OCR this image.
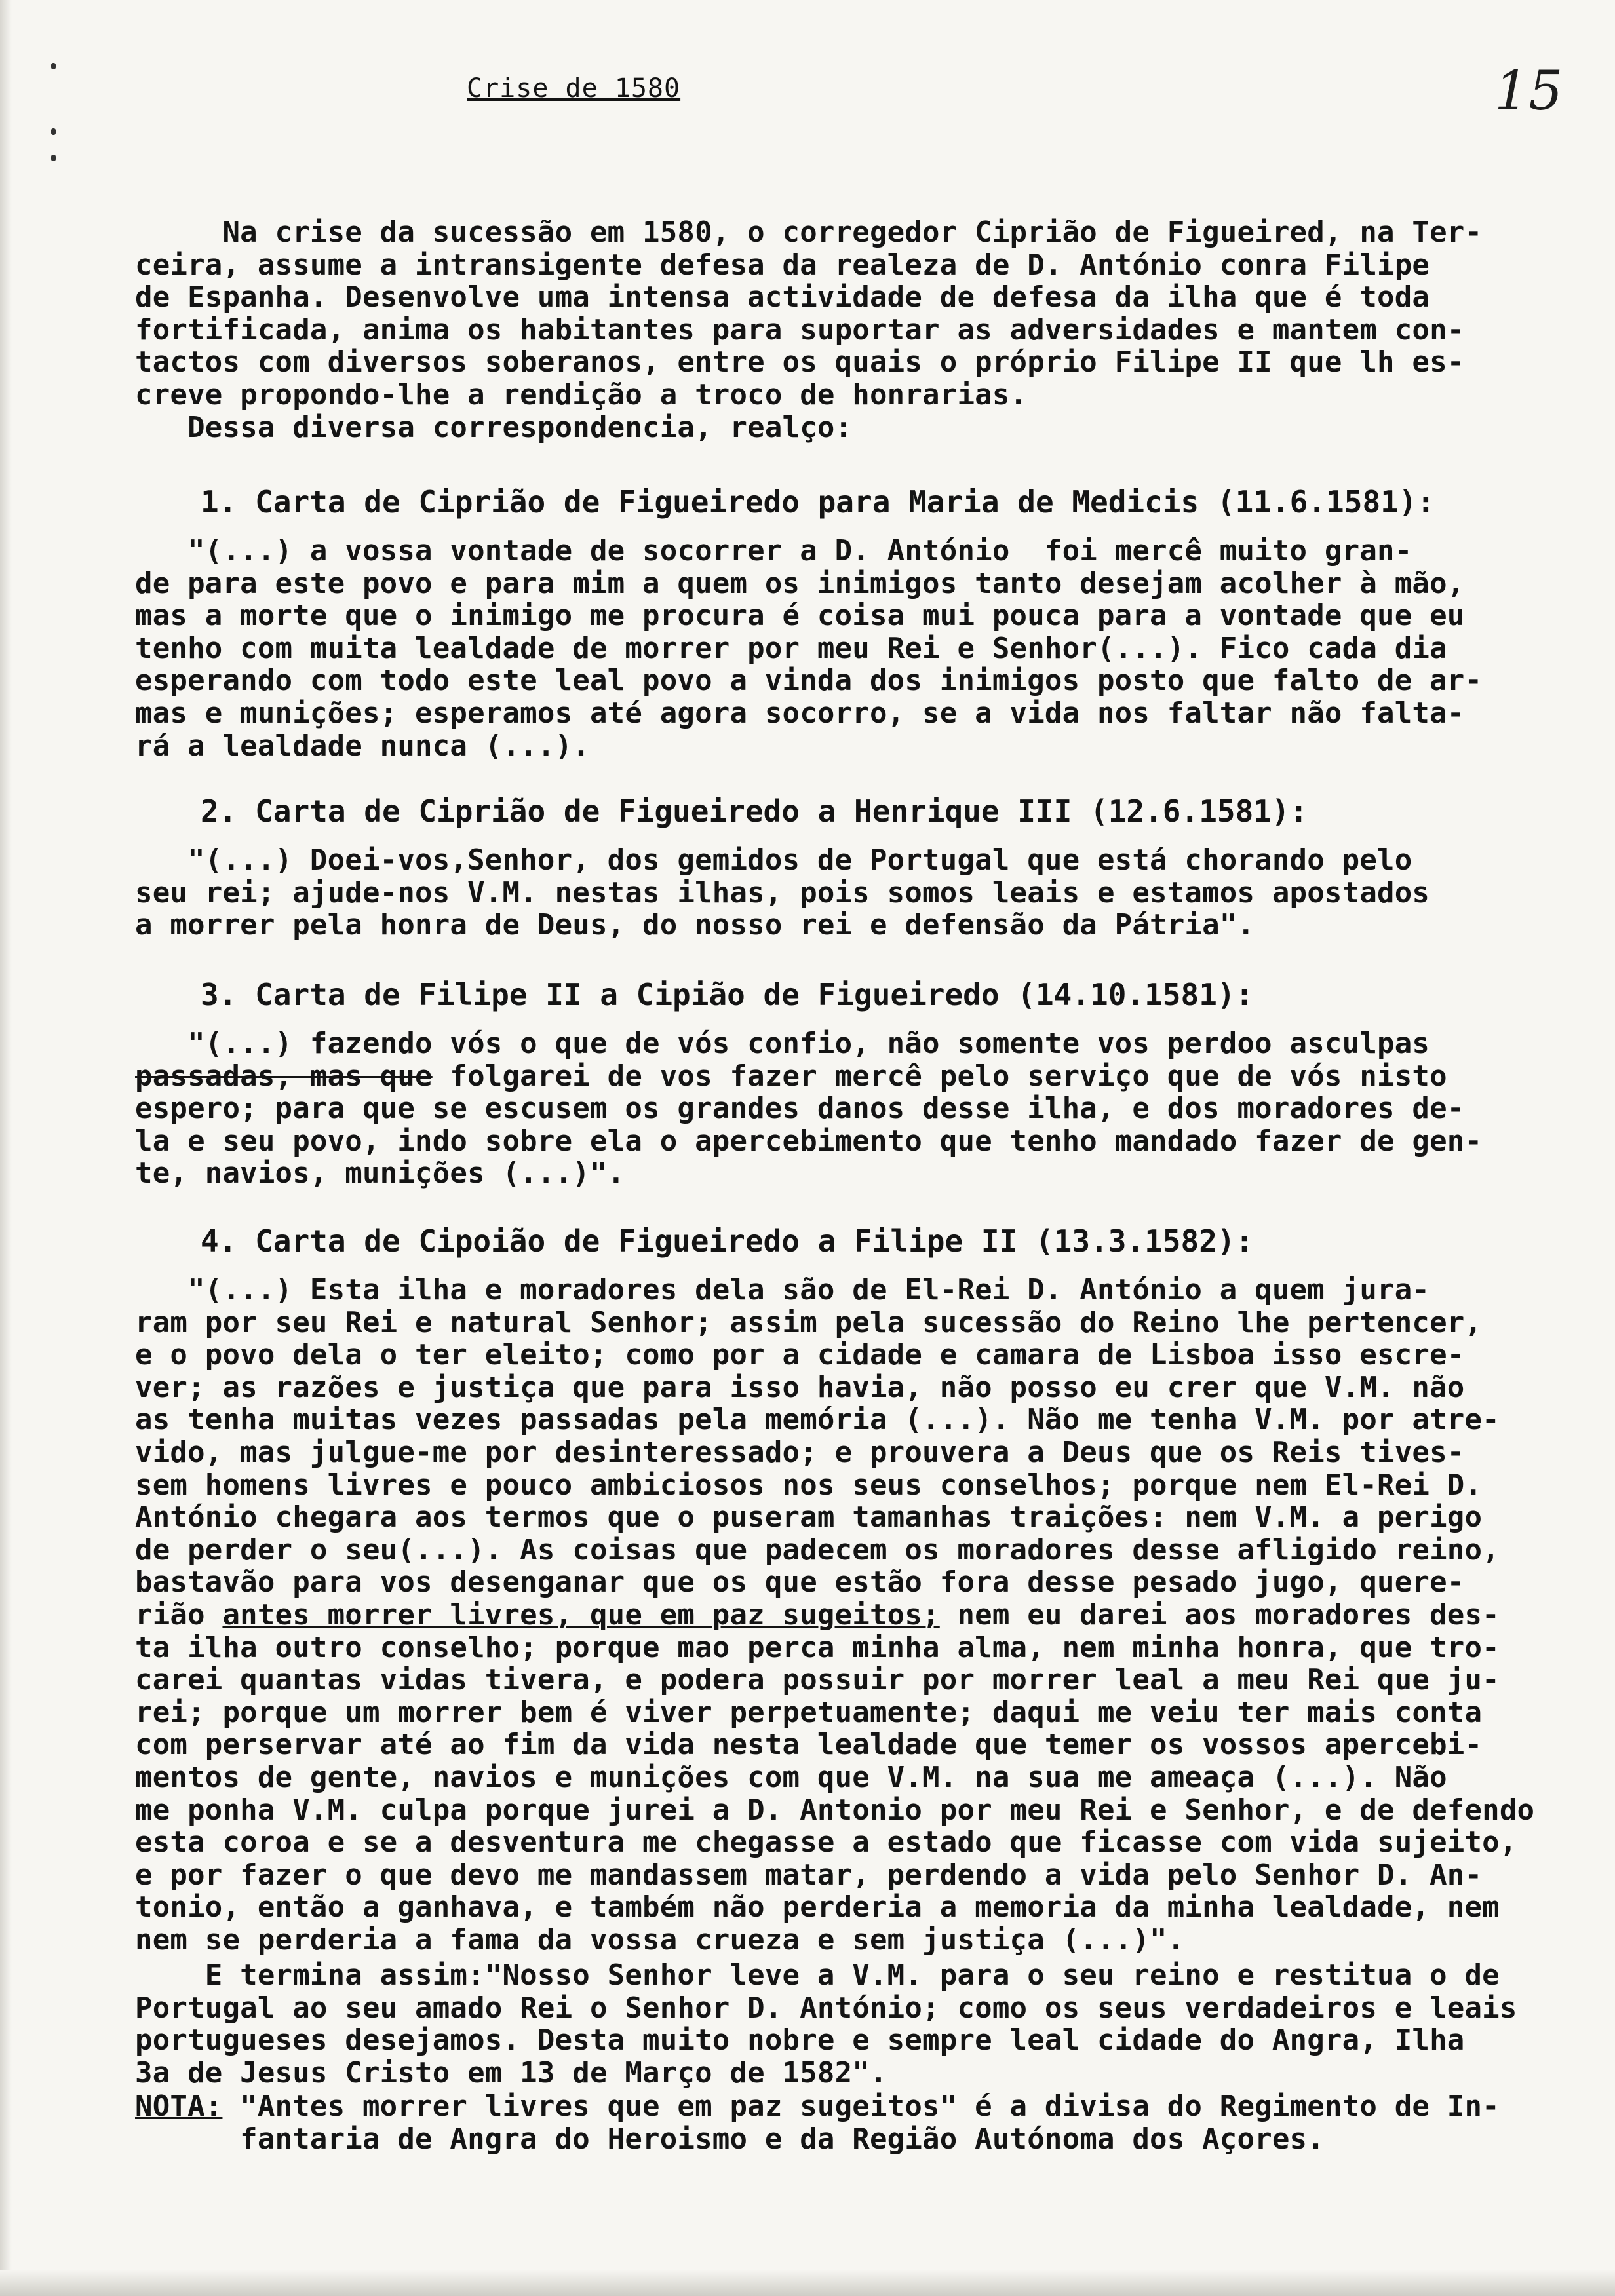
Crise de 1580	15
Na crise da sucessão em 1580, o corregedor Ciprião de Figueired, na Ter-
ceira, assume a intransigente defesa da realeza de D. António conra Filipe
de Espanha. Desenvolve uma intensa actividade de defesa da ilha que é toda
fortificada, anima os habitantes para suportar as adversidades e mantem con-
tactos com diversos soberanos, entre os quais o próprio Filipe II que lh es-
creve propondo-lhe a rendição a troco de honrarias.
Dessa diversa correspondencia, realço:
1. Carta de Ciprião de Figueiredo para Maria de Medicis (11.6.1581):
"(...) a vossa vontade de socorrer a D. António  foi mercê muito gran-
de para este povo e para mim a quem os inimigos tanto desejam acolher à mão,
mas a morte que o inimigo me procura é coisa mui pouca para a vontade que eu
tenho com muita lealdade de morrer por meu Rei e Senhor(...). Fico cada dia
esperando com todo este leal povo a vinda dos inimigos posto que falto de ar-
mas e munições; esperamos até agora socorro, se a vida nos faltar não falta-
rá a lealdade nunca (...).
2. Carta de Ciprião de Figueiredo a Henrique III (12.6.1581):
"(...) Doei-vos,Senhor, dos gemidos de Portugal que está chorando pelo
seu rei; ajude-nos V.M. nestas ilhas, pois somos leais e estamos apostados
a morrer pela honra de Deus, do nosso rei e defensão da Pátria".
3. Carta de Filipe II a Cipião de Figueiredo (14.10.1581):
"(...) fazendo vós o que de vós confio, não somente vos perdoo asculpas
passadas, mas que folgarei de vos fazer mercê pelo serviço que de vós nisto
espero; para que se escusem os grandes danos desse ilha, e dos moradores de-
la e seu povo, indo sobre ela o apercebimento que tenho mandado fazer de gen-
te, navios, munições (...)".
4. Carta de Cipoião de Figueiredo a Filipe II (13.3.1582):
"(...) Esta ilha e moradores dela são de El-Rei D. António a quem jura-
ram por seu Rei e natural Senhor; assim pela sucessão do Reino lhe pertencer,
e o povo dela o ter eleito; como por a cidade e camara de Lisboa isso escre-
ver; as razões e justiça que para isso havia, não posso eu crer que V.M. não
as tenha muitas vezes passadas pela memória (...). Não me tenha V.M. por atre-
vido, mas julgue-me por desinteressado; e prouvera a Deus que os Reis tives-
sem homens livres e pouco ambiciosos nos seus conselhos; porque nem El-Rei D.
António chegara aos termos que o puseram tamanhas traições: nem V.M. a perigo
de perder o seu(...). As coisas que padecem os moradores desse afligido reino,
bastavão para vos desenganar que os que estão fora desse pesado jugo, quere-
rião antes morrer livres, que em paz sugeitos; nem eu darei aos moradores des-
ta ilha outro conselho; porque mao perca minha alma, nem minha honra, que tro-
carei quantas vidas tivera, e podera possuir por morrer leal a meu Rei que ju-
rei; porque um morrer bem é viver perpetuamente; daqui me veiu ter mais conta
com perservar até ao fim da vida nesta lealdade que temer os vossos apercebi-
mentos de gente, navios e munições com que V.M. na sua me ameaça (...). Não
me ponha V.M. culpa porque jurei a D. Antonio por meu Rei e Senhor, e de defendo
esta coroa e se a desventura me chegasse a estado que ficasse com vida sujeito,
e por fazer o que devo me mandassem matar, perdendo a vida pelo Senhor D. An-
tonio, então a ganhava, e também não perderia a memoria da minha lealdade, nem
nem se perderia a fama da vossa crueza e sem justiça (...)".
E termina assim:"Nosso Senhor leve a V.M. para o seu reino e restitua o de
Portugal ao seu amado Rei o Senhor D. António; como os seus verdadeiros e leais
portugueses desejamos. Desta muito nobre e sempre leal cidade do Angra, Ilha
3a de Jesus Cristo em 13 de Março de 1582".
NOTA: "Antes morrer livres que em paz sugeitos" é a divisa do Regimento de In-
fantaria de Angra do Heroismo e da Região Autónoma dos Açores.
